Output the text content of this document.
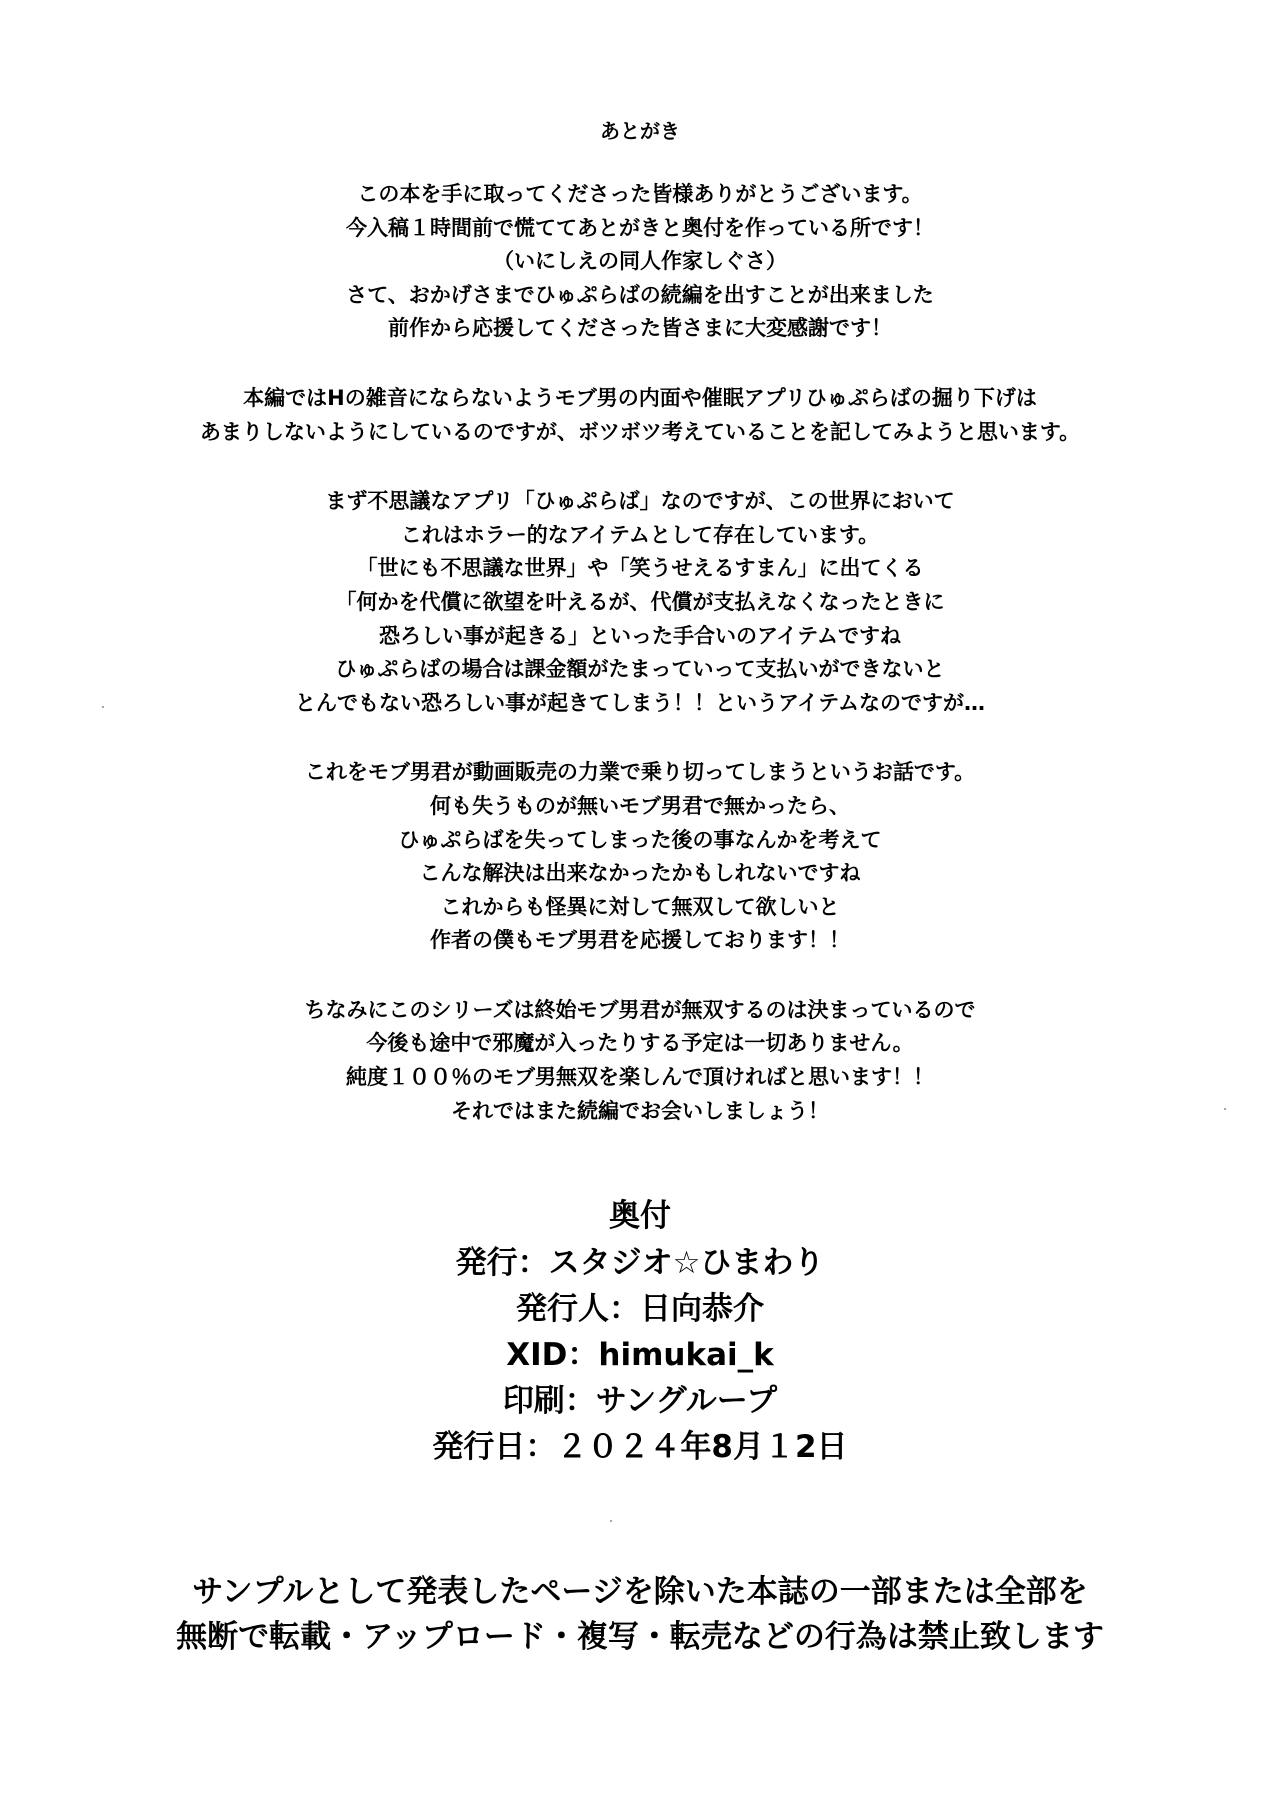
あとがき
この本を手に取ってくださった皆様ありがとうございます。
今入稿１時間前で慌ててあとがきと奥付を作っている所です！
（いにしえの同人作家しぐさ）
さて、おかげさまでひゅぷらばの続編を出すことが出来ました
前作から応援してくださった皆さまに大変感謝です！
本編ではHの雑音にならないようモブ男の内面や催眠アプリひゅぷらばの掘り下げは
あまりしないようにしているのですが、ボツボツ考えていることを記してみようと思います。
まず不思議なアプリ「ひゅぷらば」なのですが、この世界において
これはホラー的なアイテムとして存在しています。
「世にも不思議な世界」や「笑うせえるすまん」に出てくる
「何かを代償に欲望を叶えるが、代償が支払えなくなったときに
恐ろしい事が起きる」といった手合いのアイテムですね
ひゅぷらばの場合は課金額がたまっていって支払いができないと
とんでもない恐ろしい事が起きてしまう！！というアイテムなのですが…
これをモブ男君が動画販売の力業で乗り切ってしまうというお話です。
何も失うものが無いモブ男君で無かったら、
ひゅぷらばを失ってしまった後の事なんかを考えて
こんな解決は出来なかったかもしれないですね
これからも怪異に対して無双して欲しいと
作者の僕もモブ男君を応援しております！！
ちなみにこのシリーズは終始モブ男君が無双するのは決まっているので
今後も途中で邪魔が入ったりする予定は一切ありません。
純度１００％のモブ男無双を楽しんで頂ければと思います！！
それではまた続編でお会いしましょう！
奥付
発行：スタジオ☆ひまわり
発行人：日向恭介
XID：himukai_k
印刷：サングループ
発行日：２０２４年8月１2日
サンプルとして発表したページを除いた本誌の一部または全部を
無断で転載・アップロード・複写・転売などの行為は禁止致します
